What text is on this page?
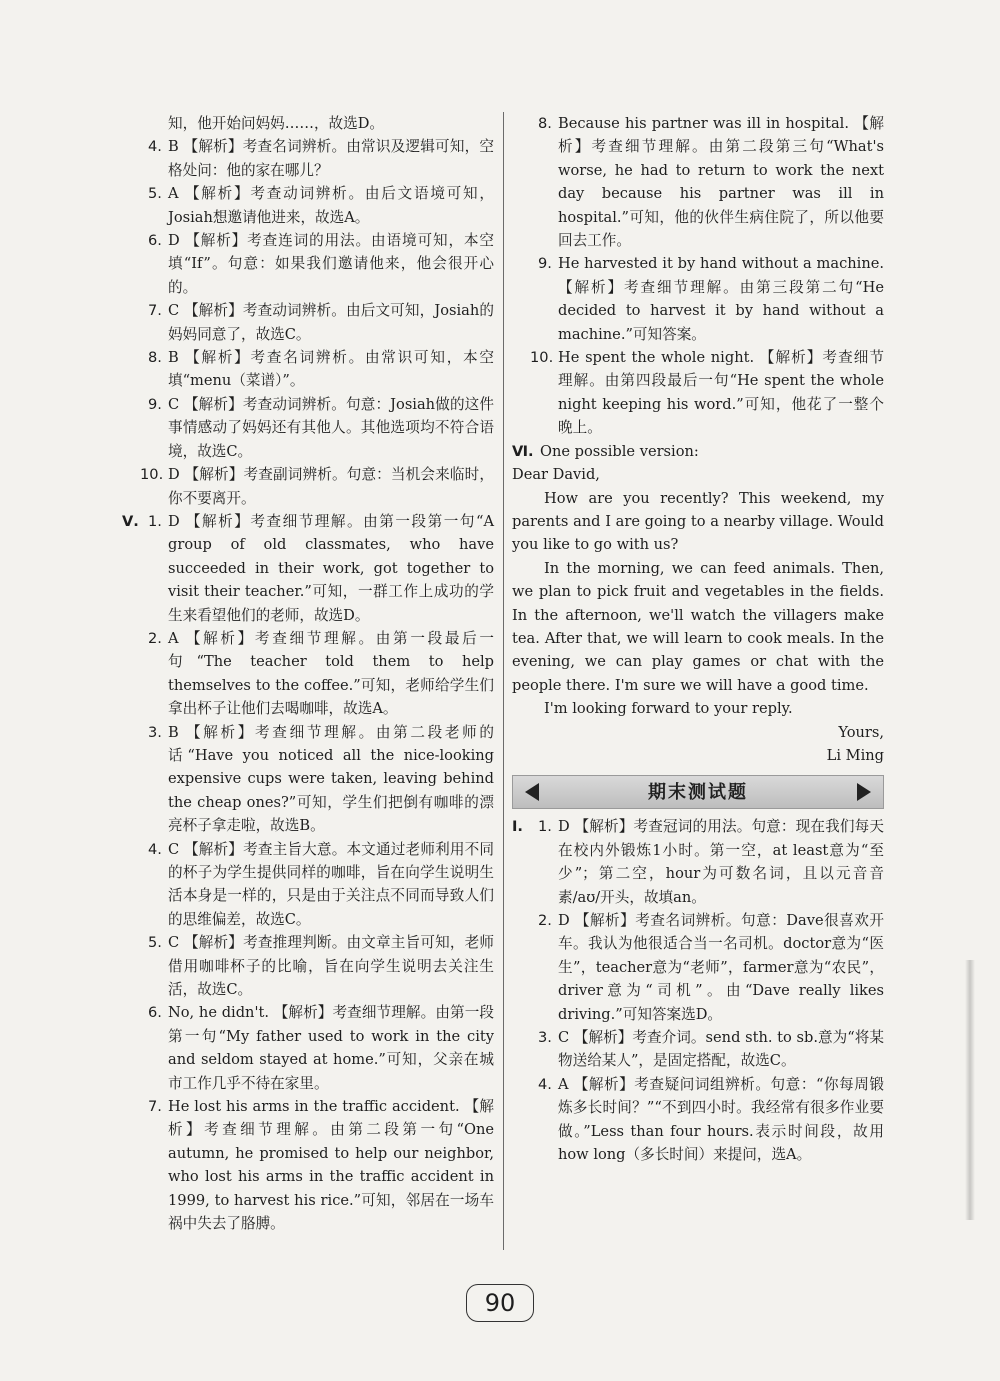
知，他开始问妈妈……，故选D。
4. B 【解析】考查名词辨析。由常识及逻辑可知，空格处问：他的家在哪儿？
5. A 【解析】考查动词辨析。由后文语境可知，Josiah想邀请他进来，故选A。
6. D 【解析】考查连词的用法。由语境可知，本空填“If”。句意：如果我们邀请他来，他会很开心的。
7. C 【解析】考查动词辨析。由后文可知，Josiah的妈妈同意了，故选C。
8. B 【解析】考查名词辨析。由常识可知，本空填“menu（菜谱）”。
9. C 【解析】考查动词辨析。句意：Josiah做的这件事情感动了妈妈还有其他人。其他选项均不符合语境，故选C。
10. D 【解析】考查副词辨析。句意：当机会来临时，你不要离开。
Ⅴ. 1. D 【解析】考查细节理解。由第一段第一句“A group of old classmates, who have succeeded in their work, got together to visit their teacher.”可知，一群工作上成功的学生来看望他们的老师，故选D。
2. A 【解析】考查细节理解。由第一段最后一句“The teacher told them to help themselves to the coffee.”可知，老师给学生们拿出杯子让他们去喝咖啡，故选A。
3. B 【解析】考查细节理解。由第二段老师的话“Have you noticed all the nice-looking expensive cups were taken, leaving behind the cheap ones?”可知，学生们把倒有咖啡的漂亮杯子拿走啦，故选B。
4. C 【解析】考查主旨大意。本文通过老师利用不同的杯子为学生提供同样的咖啡，旨在向学生说明生活本身是一样的，只是由于关注点不同而导致人们的思维偏差，故选C。
5. C 【解析】考查推理判断。由文章主旨可知，老师借用咖啡杯子的比喻，旨在向学生说明去关注生活，故选C。
6. No, he didn't. 【解析】考查细节理解。由第一段第一句“My father used to work in the city and seldom stayed at home.”可知，父亲在城市工作几乎不待在家里。
7. He lost his arms in the traffic accident. 【解析】考查细节理解。由第二段第一句“One autumn, he promised to help our neighbor, who lost his arms in the traffic accident in 1999, to harvest his rice.”可知，邻居在一场车祸中失去了胳膊。
8. Because his partner was ill in hospital. 【解析】考查细节理解。由第二段第三句“What's worse, he had to return to work the next day because his partner was ill in hospital.”可知，他的伙伴生病住院了，所以他要回去工作。
9. He harvested it by hand without a machine. 【解析】考查细节理解。由第三段第二句“He decided to harvest it by hand without a machine.”可知答案。
10. He spent the whole night. 【解析】考查细节理解。由第四段最后一句“He spent the whole night keeping his word.”可知，他花了一整个晚上。
Ⅵ. One possible version:

Dear David,

How are you recently? This weekend, my parents and I are going to a nearby village. Would you like to go with us?

In the morning, we can feed animals. Then, we plan to pick fruit and vegetables in the fields. In the afternoon, we'll watch the villagers make tea. After that, we will learn to cook meals. In the evening, we can play games or chat with the people there. I'm sure we will have a good time.

I'm looking forward to your reply.

Yours,

Li Ming

期末测试题
Ⅰ. 1. D 【解析】考查冠词的用法。句意：现在我们每天在校内外锻炼1小时。第一空，at least意为“至少”；第二空，hour为可数名词，且以元音音素/aʊ/开头，故填an。
2. D 【解析】考查名词辨析。句意：Dave很喜欢开车。我认为他很适合当一名司机。doctor意为“医生”，teacher意为“老师”，farmer意为“农民”，driver意为“司机”。由“Dave really likes driving.”可知答案选D。
3. C 【解析】考查介词。send sth. to sb.意为“将某物送给某人”，是固定搭配，故选C。
4. A 【解析】考查疑问词组辨析。句意：“你每周锻炼多长时间？”“不到四小时。我经常有很多作业要做。”Less than four hours.表示时间段，故用how long（多长时间）来提问，选A。
90
